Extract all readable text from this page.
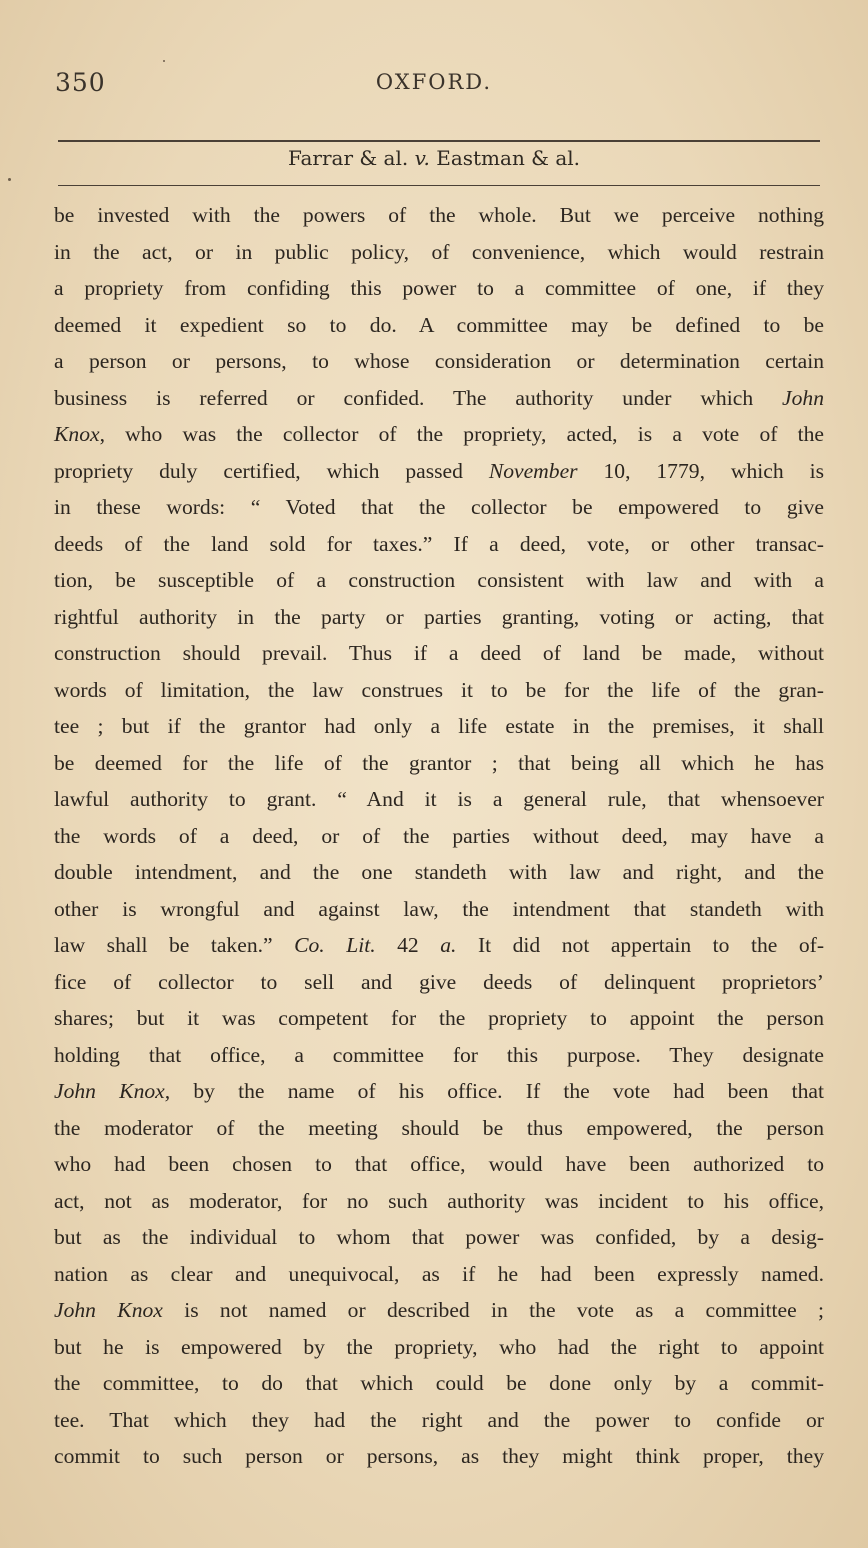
350	OXFORD.
Farrar & al. v. Eastman & al.
be invested with the powers of the whole. But we perceive nothing
in the act, or in public policy, of convenience, which would restrain
a propriety from confiding this power to a committee of one, if they
deemed it expedient so to do. A committee may be defined to be
a person or persons, to whose consideration or determination certain
business is referred or confided. The authority under which John
Knox, who was the collector of the propriety, acted, is a vote of the
propriety duly certified, which passed November 10, 1779, which is
in these words: “ Voted that the collector be empowered to give
deeds of the land sold for taxes.” If a deed, vote, or other transac-
tion, be susceptible of a construction consistent with law and with a
rightful authority in the party or parties granting, voting or acting, that
construction should prevail. Thus if a deed of land be made, without
words of limitation, the law construes it to be for the life of the gran-
tee ; but if the grantor had only a life estate in the premises, it shall
be deemed for the life of the grantor ; that being all which he has
lawful authority to grant. “ And it is a general rule, that whensoever
the words of a deed, or of the parties without deed, may have a
double intendment, and the one standeth with law and right, and the
other is wrongful and against law, the intendment that standeth with
law shall be taken.” Co. Lit. 42 a. It did not appertain to the of-
fice of collector to sell and give deeds of delinquent proprietors’
shares; but it was competent for the propriety to appoint the person
holding that office, a committee for this purpose. They designate
John Knox, by the name of his office. If the vote had been that
the moderator of the meeting should be thus empowered, the person
who had been chosen to that office, would have been authorized to
act, not as moderator, for no such authority was incident to his office,
but as the individual to whom that power was confided, by a desig-
nation as clear and unequivocal, as if he had been expressly named.
John Knox is not named or described in the vote as a committee ;
but he is empowered by the propriety, who had the right to appoint
the committee, to do that which could be done only by a commit-
tee. That which they had the right and the power to confide or
commit to such person or persons, as they might think proper, they
